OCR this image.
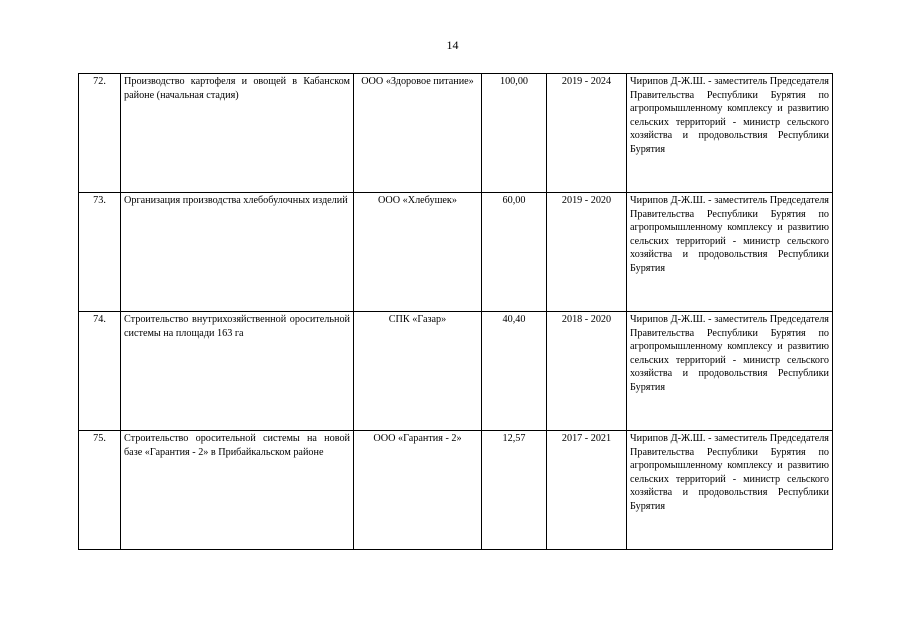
14
72.	Производство картофеля и овощей в Кабанском районе (начальная стадия)	ООО «Здоровое питание»	100,00	2019 - 2024	Чирипов Д-Ж.Ш. - заместитель Председателя Правительства Республики Бурятия по агропромышленному комплексу и развитию сельских территорий - министр сельского хозяйства и продовольствия Республики Бурятия
73.	Организация производства хлебобулочных изделий	ООО «Хлебушек»	60,00	2019 - 2020	Чирипов Д-Ж.Ш. - заместитель Председателя Правительства Республики Бурятия по агропромышленному комплексу и развитию сельских территорий - министр сельского хозяйства и продовольствия Республики Бурятия
74.	Строительство внутрихозяйственной оросительной системы на площади 163 га	СПК «Газар»	40,40	2018 - 2020	Чирипов Д-Ж.Ш. - заместитель Председателя Правительства Республики Бурятия по агропромышленному комплексу и развитию сельских территорий - министр сельского хозяйства и продовольствия Республики Бурятия
75.	Строительство оросительной системы на новой базе «Гарантия - 2» в Прибайкальском районе	ООО «Гарантия - 2»	12,57	2017 - 2021	Чирипов Д-Ж.Ш. - заместитель Председателя Правительства Республики Бурятия по агропромышленному комплексу и развитию сельских территорий - министр сельского хозяйства и продовольствия Республики Бурятия
